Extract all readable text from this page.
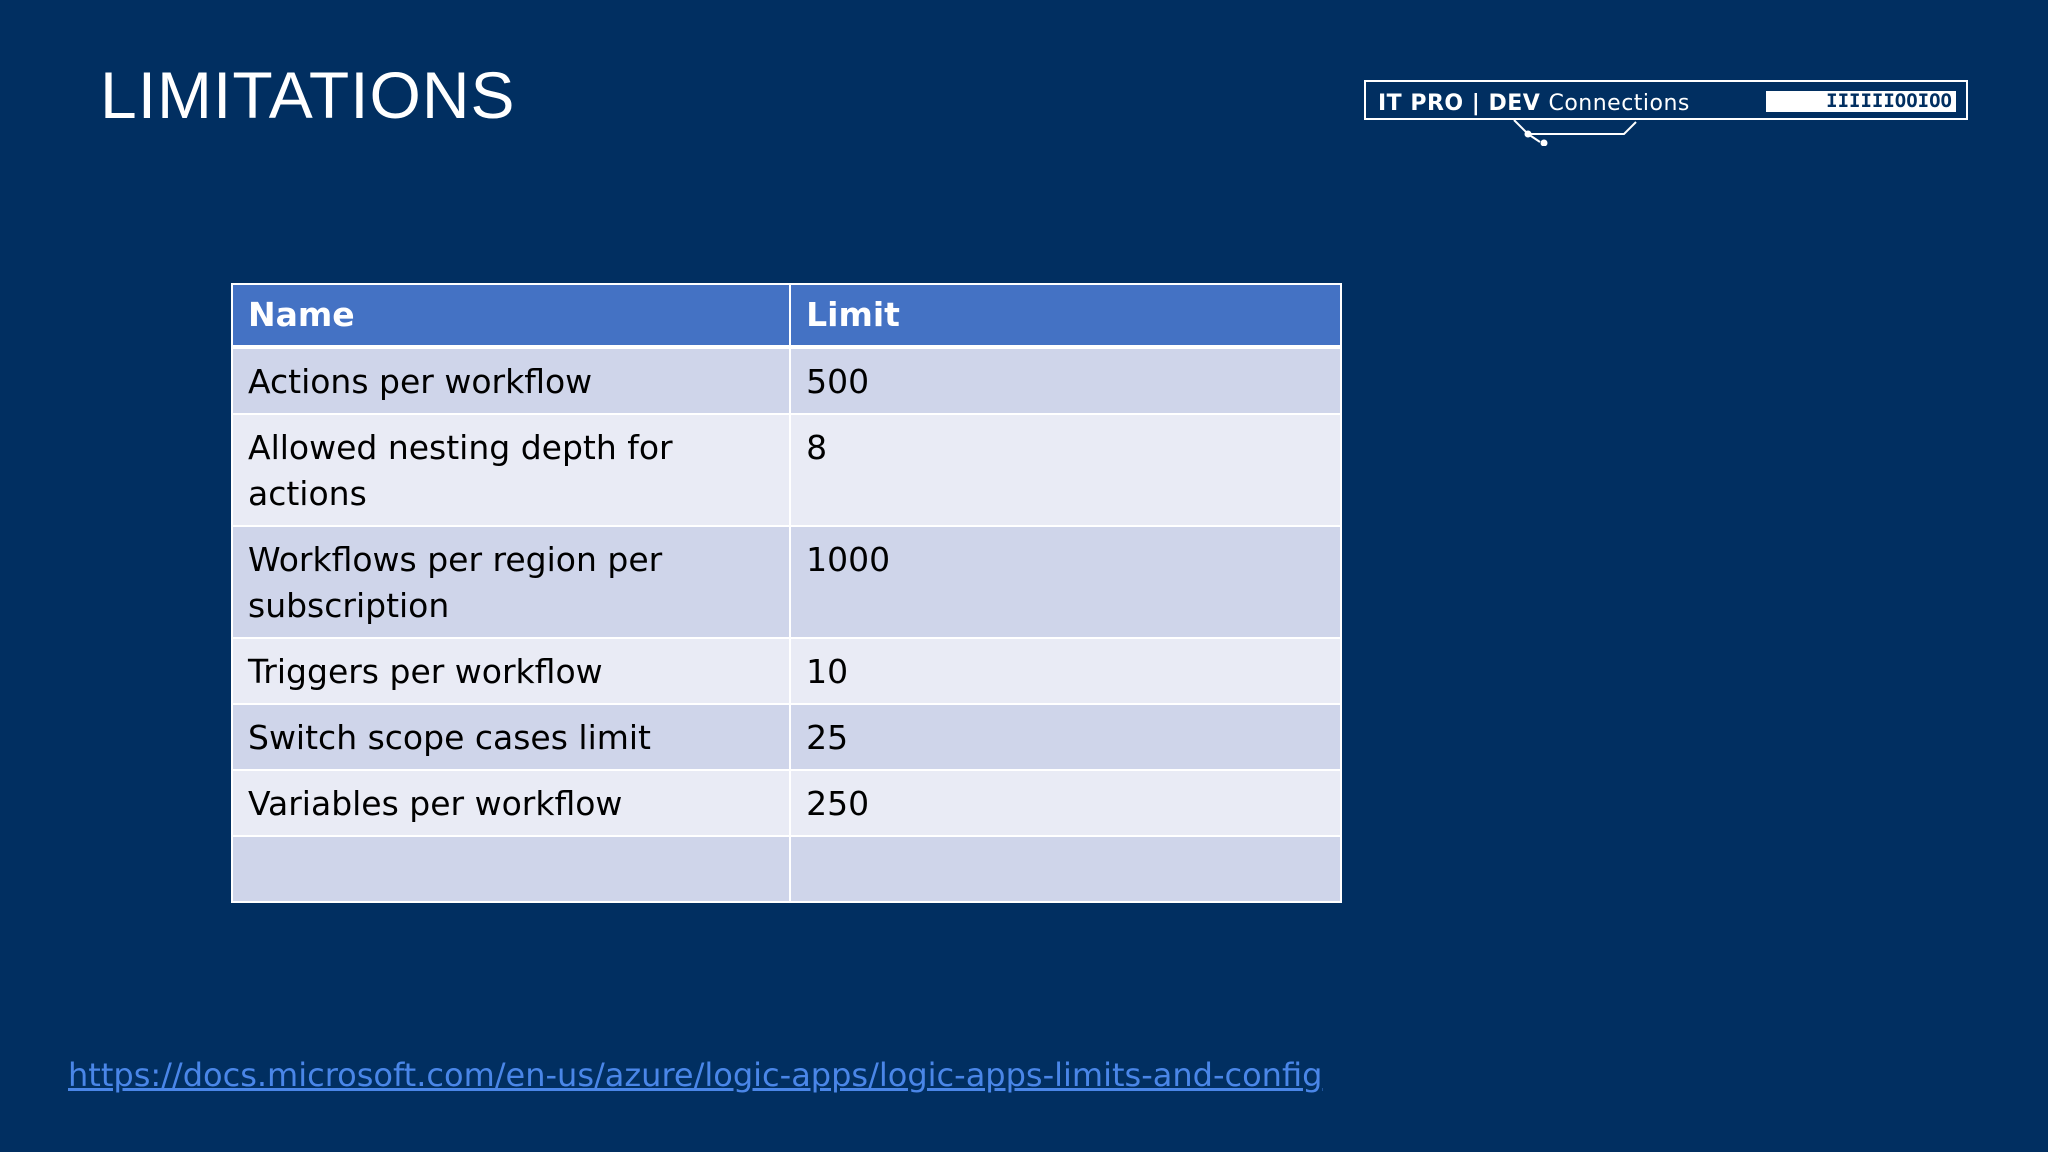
LIMITATIONS	IT PRO | DEV Connections	IIIIIIOOIOO
Name	Limit
Actions per workflow	500
Allowed nesting depth for actions	8
Workflows per region per subscription	1000
Triggers per workflow	10
Switch scope cases limit	25
Variables per workflow	250

https://docs.microsoft.com/en-us/azure/logic-apps/logic-apps-limits-and-config
